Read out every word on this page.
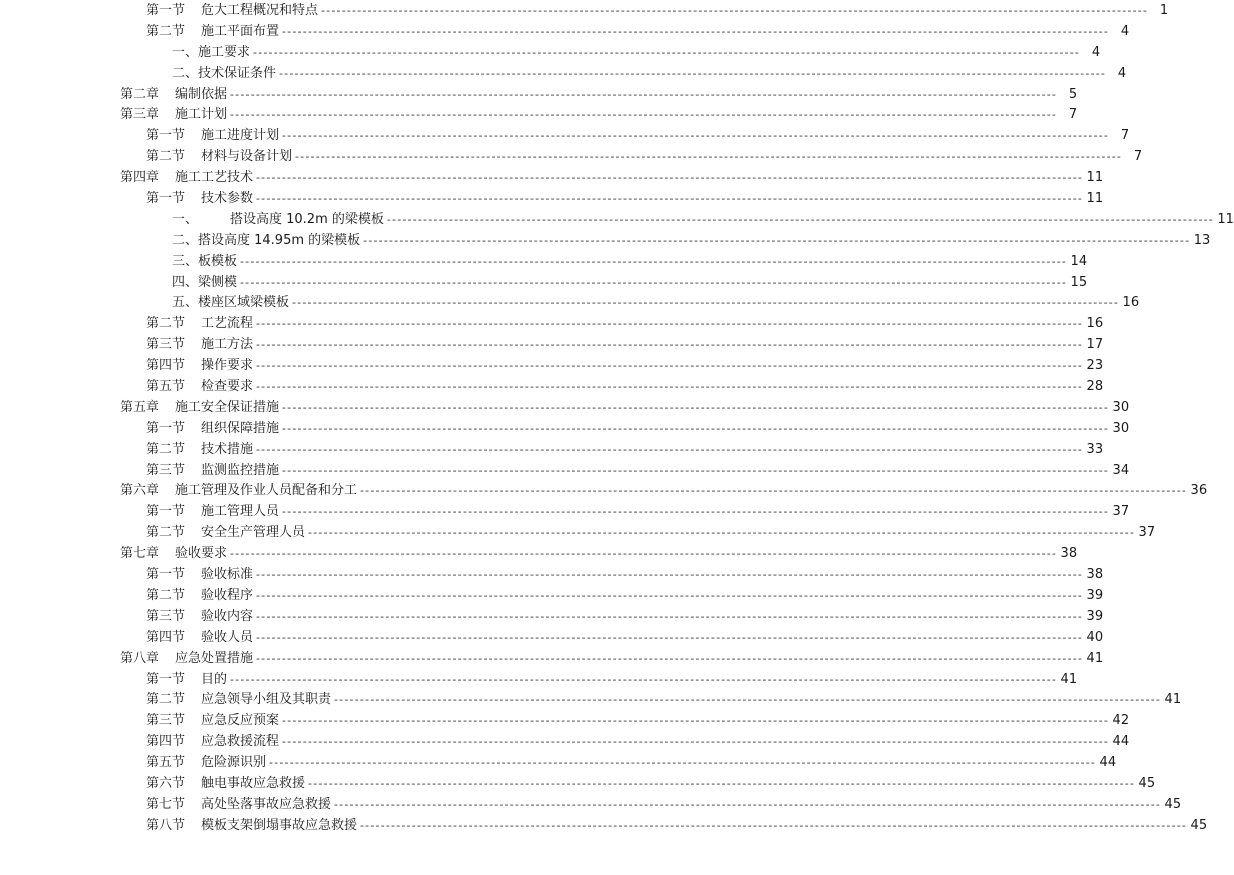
第一节	危大工程概况和特点 ---------------------------------------------------------------------------------------------------------------------------------------------------------------- 1
第二节	施工平面布置 ---------------------------------------------------------------------------------------------------------------------------------------------------------------- 4
一、施工要求 ---------------------------------------------------------------------------------------------------------------------------------------------------------------- 4
二、技术保证条件 ---------------------------------------------------------------------------------------------------------------------------------------------------------------- 4
第二章	编制依据 ---------------------------------------------------------------------------------------------------------------------------------------------------------------- 5
第三章	施工计划 ---------------------------------------------------------------------------------------------------------------------------------------------------------------- 7
第一节	施工进度计划 ---------------------------------------------------------------------------------------------------------------------------------------------------------------- 7
第二节	材料与设备计划 ---------------------------------------------------------------------------------------------------------------------------------------------------------------- 7
第四章	施工工艺技术 ---------------------------------------------------------------------------------------------------------------------------------------------------------------- 11
第一节	技术参数 ---------------------------------------------------------------------------------------------------------------------------------------------------------------- 11
一、	搭设高度 10.2m 的梁模板 ---------------------------------------------------------------------------------------------------------------------------------------------------------------- 11
二、搭设高度 14.95m 的梁模板 ---------------------------------------------------------------------------------------------------------------------------------------------------------------- 13
三、板模板 ---------------------------------------------------------------------------------------------------------------------------------------------------------------- 14
四、梁侧模 ---------------------------------------------------------------------------------------------------------------------------------------------------------------- 15
五、楼座区域梁模板 ---------------------------------------------------------------------------------------------------------------------------------------------------------------- 16
第二节	工艺流程 ---------------------------------------------------------------------------------------------------------------------------------------------------------------- 16
第三节	施工方法 ---------------------------------------------------------------------------------------------------------------------------------------------------------------- 17
第四节	操作要求 ---------------------------------------------------------------------------------------------------------------------------------------------------------------- 23
第五节	检查要求 ---------------------------------------------------------------------------------------------------------------------------------------------------------------- 28
第五章	施工安全保证措施 ---------------------------------------------------------------------------------------------------------------------------------------------------------------- 30
第一节	组织保障措施 ---------------------------------------------------------------------------------------------------------------------------------------------------------------- 30
第二节	技术措施 ---------------------------------------------------------------------------------------------------------------------------------------------------------------- 33
第三节	监测监控措施 ---------------------------------------------------------------------------------------------------------------------------------------------------------------- 34
第六章	施工管理及作业人员配备和分工 ---------------------------------------------------------------------------------------------------------------------------------------------------------------- 36
第一节	施工管理人员 ---------------------------------------------------------------------------------------------------------------------------------------------------------------- 37
第二节	安全生产管理人员 ---------------------------------------------------------------------------------------------------------------------------------------------------------------- 37
第七章	验收要求 ---------------------------------------------------------------------------------------------------------------------------------------------------------------- 38
第一节	验收标准 ---------------------------------------------------------------------------------------------------------------------------------------------------------------- 38
第二节	验收程序 ---------------------------------------------------------------------------------------------------------------------------------------------------------------- 39
第三节	验收内容 ---------------------------------------------------------------------------------------------------------------------------------------------------------------- 39
第四节	验收人员 ---------------------------------------------------------------------------------------------------------------------------------------------------------------- 40
第八章	应急处置措施 ---------------------------------------------------------------------------------------------------------------------------------------------------------------- 41
第一节	目的 ---------------------------------------------------------------------------------------------------------------------------------------------------------------- 41
第二节	应急领导小组及其职责 ---------------------------------------------------------------------------------------------------------------------------------------------------------------- 41
第三节	应急反应预案 ---------------------------------------------------------------------------------------------------------------------------------------------------------------- 42
第四节	应急救援流程 ---------------------------------------------------------------------------------------------------------------------------------------------------------------- 44
第五节	危险源识别 ---------------------------------------------------------------------------------------------------------------------------------------------------------------- 44
第六节	触电事故应急救援 ---------------------------------------------------------------------------------------------------------------------------------------------------------------- 45
第七节	高处坠落事故应急救援 ---------------------------------------------------------------------------------------------------------------------------------------------------------------- 45
第八节	模板支架倒塌事故应急救援 ---------------------------------------------------------------------------------------------------------------------------------------------------------------- 45
